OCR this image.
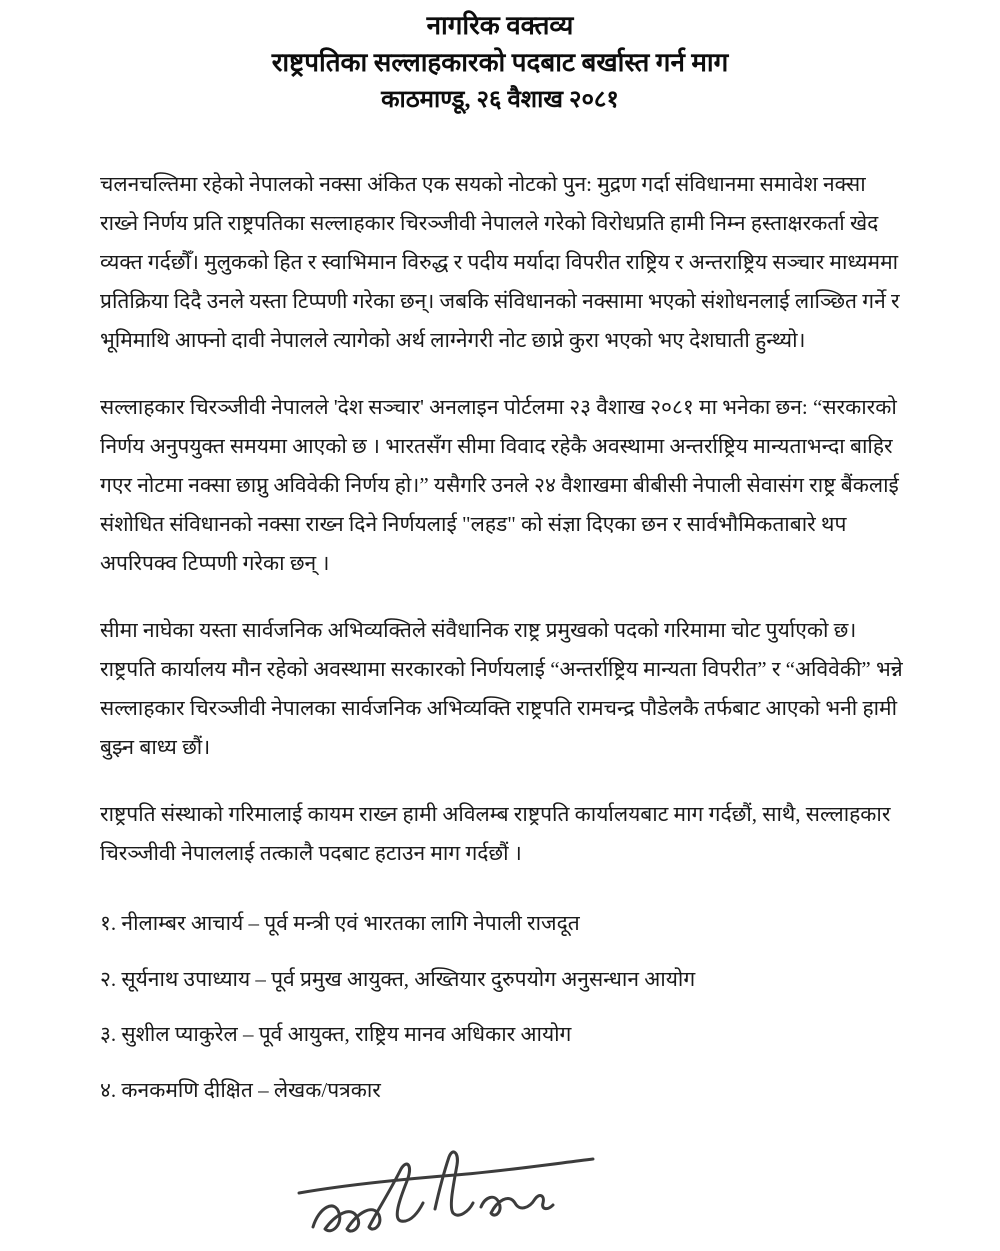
नागरिक वक्तव्य
राष्ट्रपतिका सल्लाहकारको पदबाट बर्खास्त गर्न माग
काठमाण्डू, २६ वैशाख २०८१

चलनचल्तिमा रहेको नेपालको नक्सा अंकित एक सयको नोटको पुन: मुद्रण गर्दा संविधानमा समावेश नक्सा राख्ने निर्णय प्रति राष्ट्रपतिका सल्लाहकार चिरञ्जीवी नेपालले गरेको विरोधप्रति हामी निम्न हस्ताक्षरकर्ता खेद व्यक्त गर्दछौँ। मुलुकको हित र स्वाभिमान विरुद्ध र पदीय मर्यादा विपरीत राष्ट्रिय र अन्तराष्ट्रिय सञ्चार माध्यममा प्रतिक्रिया दिदै उनले यस्ता टिप्पणी गरेका छन्। जबकि संविधानको नक्सामा भएको संशोधनलाई लाञ्छित गर्ने र भूमिमाथि आफ्नो दावी नेपालले त्यागेको अर्थ लाग्नेगरी नोट छाप्ने कुरा भएको भए देशघाती हुन्थ्यो।

सल्लाहकार चिरञ्जीवी नेपालले 'देश सञ्चार' अनलाइन पोर्टलमा २३ वैशाख २०८१ मा भनेका छन: “सरकारको निर्णय अनुपयुक्त समयमा आएको छ । भारतसँग सीमा विवाद रहेकै अवस्थामा अन्तर्राष्ट्रिय मान्यताभन्दा बाहिर गएर नोटमा नक्सा छाप्नु अविवेकी निर्णय हो।” यसैगरि उनले २४ वैशाखमा बीबीसी नेपाली सेवासंग राष्ट्र बैंकलाई संशोधित संविधानको नक्सा राख्न दिने निर्णयलाई "लहड" को संज्ञा दिएका छन र सार्वभौमिकताबारे थप अपरिपक्व टिप्पणी गरेका छन् ।

सीमा नाघेका यस्ता सार्वजनिक अभिव्यक्तिले संवैधानिक राष्ट्र प्रमुखको पदको गरिमामा चोट पुर्याएको छ। राष्ट्रपति कार्यालय मौन रहेको अवस्थामा सरकारको निर्णयलाई “अन्तर्राष्ट्रिय मान्यता विपरीत” र “अविवेकी” भन्ने सल्लाहकार चिरञ्जीवी नेपालका सार्वजनिक अभिव्यक्ति राष्ट्रपति रामचन्द्र पौडेलकै तर्फबाट आएको भनी हामी बुझ्न बाध्य छौं।

राष्ट्रपति संस्थाको गरिमालाई कायम राख्न हामी अविलम्ब राष्ट्रपति कार्यालयबाट माग गर्दछौं, साथै, सल्लाहकार चिरञ्जीवी नेपाललाई तत्कालै पदबाट हटाउन माग गर्दछौं ।

१. नीलाम्बर आचार्य – पूर्व मन्त्री एवं भारतका लागि नेपाली राजदूत
२. सूर्यनाथ उपाध्याय – पूर्व प्रमुख आयुक्त, अख्तियार दुरुपयोग अनुसन्धान आयोग
३. सुशील प्याकुरेल – पूर्व आयुक्त, राष्ट्रिय मानव अधिकार आयोग
४. कनकमणि दीक्षित – लेखक/पत्रकार
